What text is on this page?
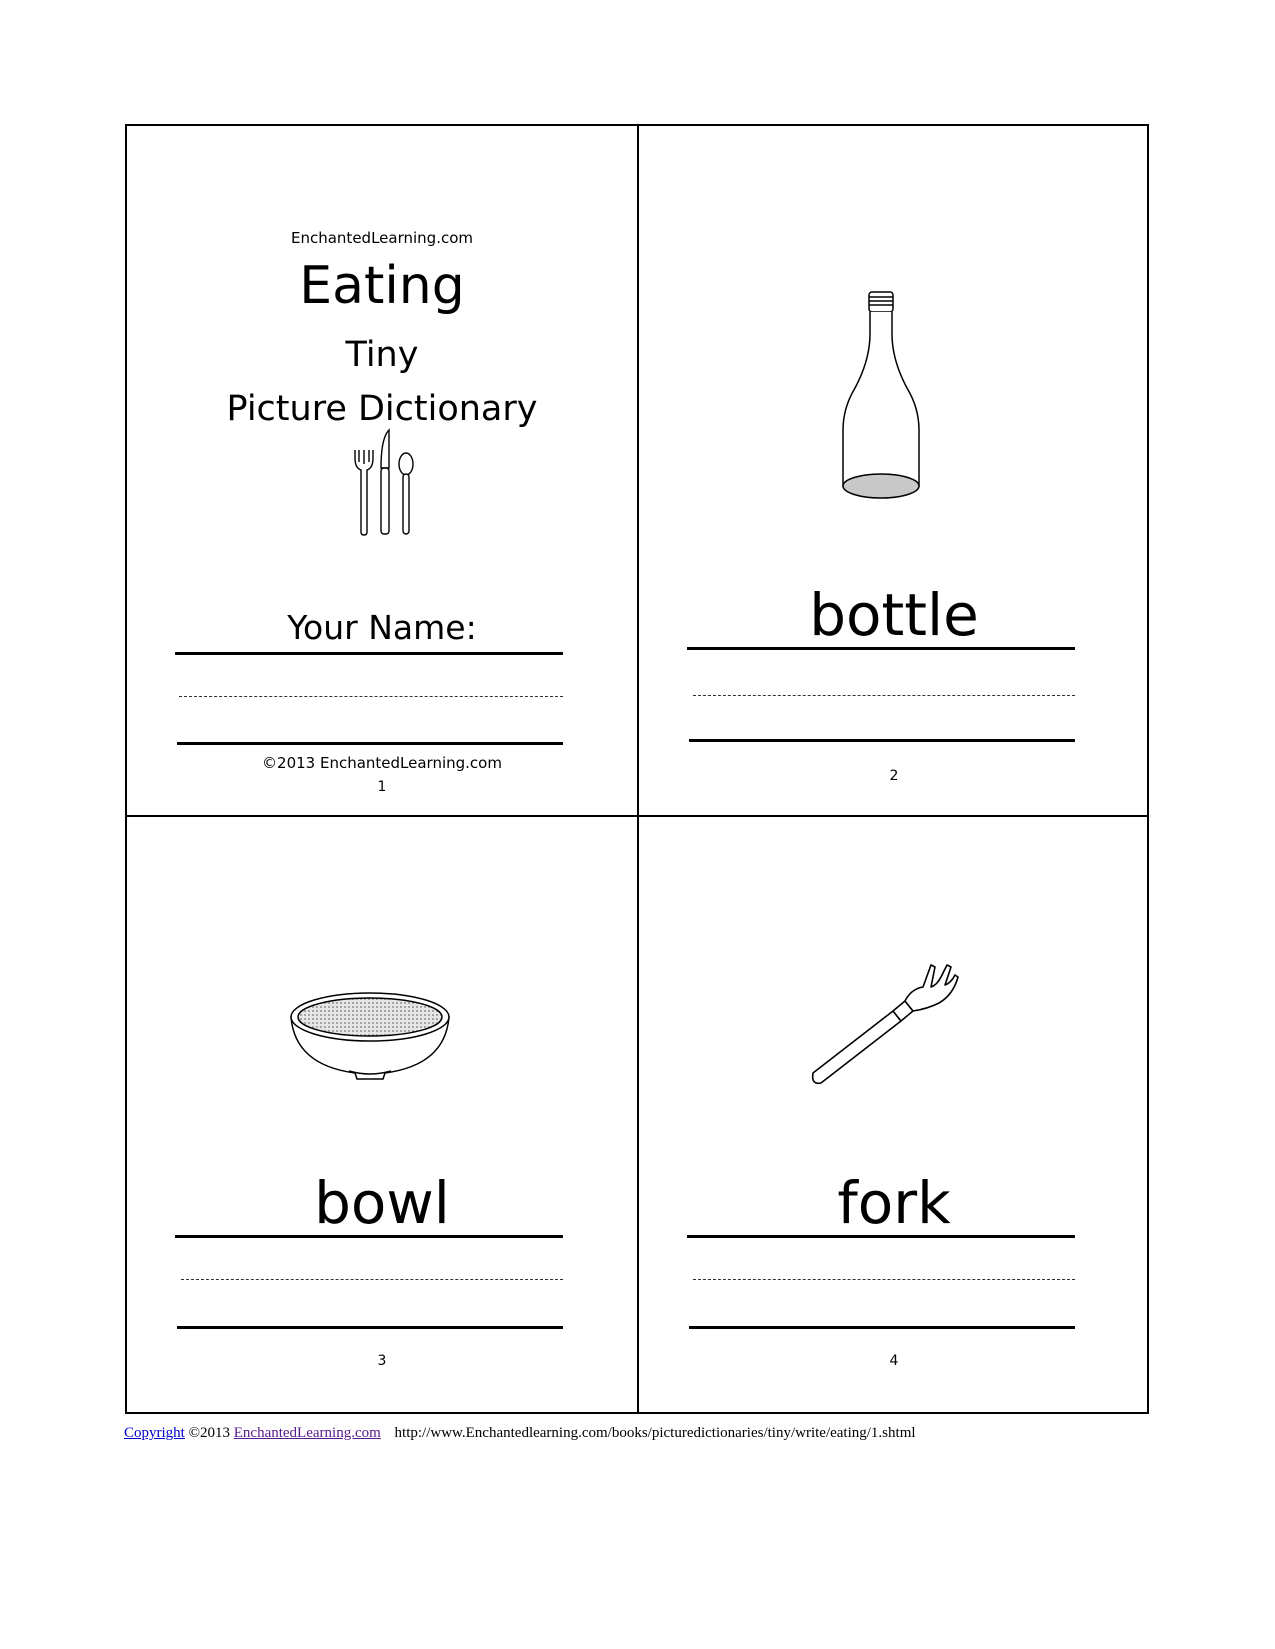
EnchantedLearning.com
Eating
Tiny
Picture Dictionary
Your Name:
©2013 EnchantedLearning.com
1
bottle
2
bowl
3
fork
4
Copyright ©2013 EnchantedLearning.com http://www.Enchantedlearning.com/books/picturedictionaries/tiny/write/eating/1.shtml
